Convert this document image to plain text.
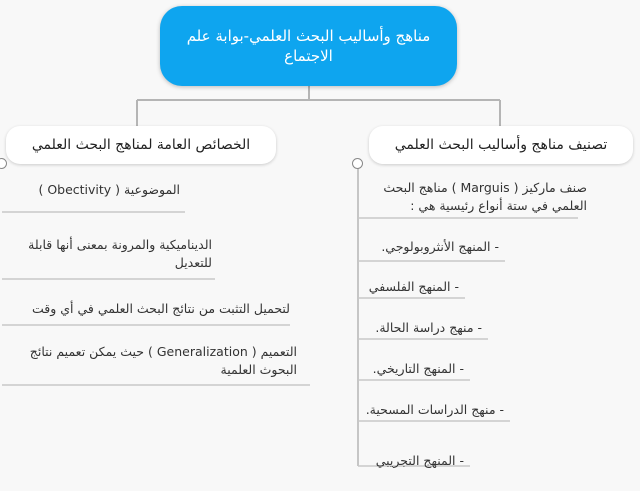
مناهج وأساليب البحث العلمي-بوابة علم الاجتماع
تصنيف مناهج وأساليب البحث العلمي
الخصائص العامة لمناهج البحث العلمي
صنف ماركيز ( Marguis ) مناهج البحث العلمي في ستة أنواع رئيسية هي :
- المنهج الأنثروبولوجي.
- المنهج الفلسفي
- منهج دراسة الحالة.
- المنهج التاريخي.
- منهج الدراسات المسحية.
- المنهج التجريبي
الموضوعية ( Obectivity )
الديناميكية والمرونة بمعنى أنها قابلة للتعديل
لتحميل التثبت من نتائج البحث العلمي في أي وقت
التعميم ( Generalization ) حيث يمكن تعميم نتائج البحوث العلمية
